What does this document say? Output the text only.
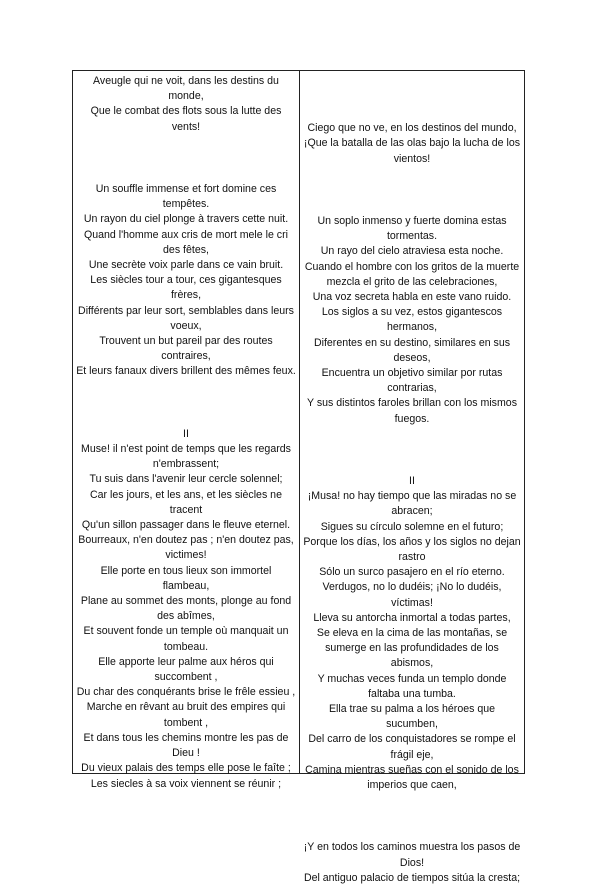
Aveugle qui ne voit, dans les destins du monde,

Que le combat des flots sous la lutte des vents!

Un souffle immense et fort domine ces tempêtes.

Un rayon du ciel plonge à travers cette nuit.

Quand l'homme aux cris de mort mele le cri des fêtes,

Une secrète voix parle dans ce vain bruit.

Les siècles tour a tour, ces gigantesques frères,

Différents par leur sort, semblables dans leurs voeux,

Trouvent un but pareil par des routes contraires,

Et leurs fanaux divers brillent des mêmes feux.

II

Muse! il n'est point de temps que les regards n'embrassent;

Tu suis dans l'avenir leur cercle solennel;

Car les jours, et les ans, et les siècles ne tracent

Qu'un sillon passager dans le fleuve eternel.

Bourreaux, n'en doutez pas ; n'en doutez pas, victimes!

Elle porte en tous lieux son immortel flambeau,

Plane au sommet des monts, plonge au fond des abîmes,

Et souvent fonde un temple où manquait un tombeau.

Elle apporte leur palme aux héros qui succombent ,

Du char des conquérants brise le frêle essieu ,

Marche en rêvant au bruit des empires qui tombent ,

Et dans tous les chemins montre les pas de Dieu !

Du vieux palais des temps elle pose le faîte ;

Les siecles à sa voix viennent se réunir ;

Ciego que no ve, en los destinos del mundo,

¡Que la batalla de las olas bajo la lucha de los vientos!

Un soplo inmenso y fuerte domina estas tormentas.

Un rayo del cielo atraviesa esta noche.

Cuando el hombre con los gritos de la muerte mezcla el grito de las celebraciones,

Una voz secreta habla en este vano ruido.

Los siglos a su vez, estos gigantescos hermanos,

Diferentes en su destino, similares en sus deseos,

Encuentra un objetivo similar por rutas contrarias,

Y sus distintos faroles brillan con los mismos fuegos.

II

¡Musa! no hay tiempo que las miradas no se abracen;

Sigues su círculo solemne en el futuro;

Porque los días, los años y los siglos no dejan rastro

Sólo un surco pasajero en el río eterno.

Verdugos, no lo dudéis; ¡No lo dudéis, víctimas!

Lleva su antorcha inmortal a todas partes,

Se eleva en la cima de las montañas, se sumerge en las profundidades de los abismos,

Y muchas veces funda un templo donde faltaba una tumba.

Ella trae su palma a los héroes que sucumben,

Del carro de los conquistadores se rompe el frágil eje,

Camina mientras sueñas con el sonido de los imperios que caen,

¡Y en todos los caminos muestra los pasos de Dios!

Del antiguo palacio de tiempos sitúa la cresta;
